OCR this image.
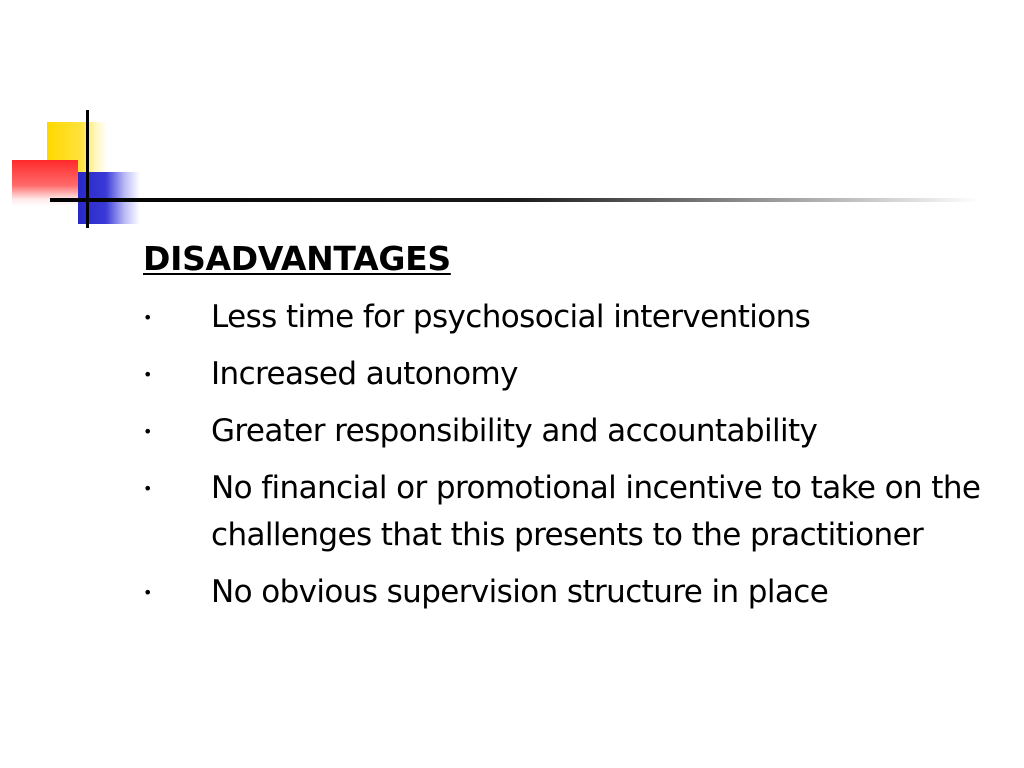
DISADVANTAGES
• Less time for psychosocial interventions
• Increased autonomy
• Greater responsibility and accountability
• No financial or promotional incentive to take on the challenges that this presents to the practitioner
• No obvious supervision structure in place
